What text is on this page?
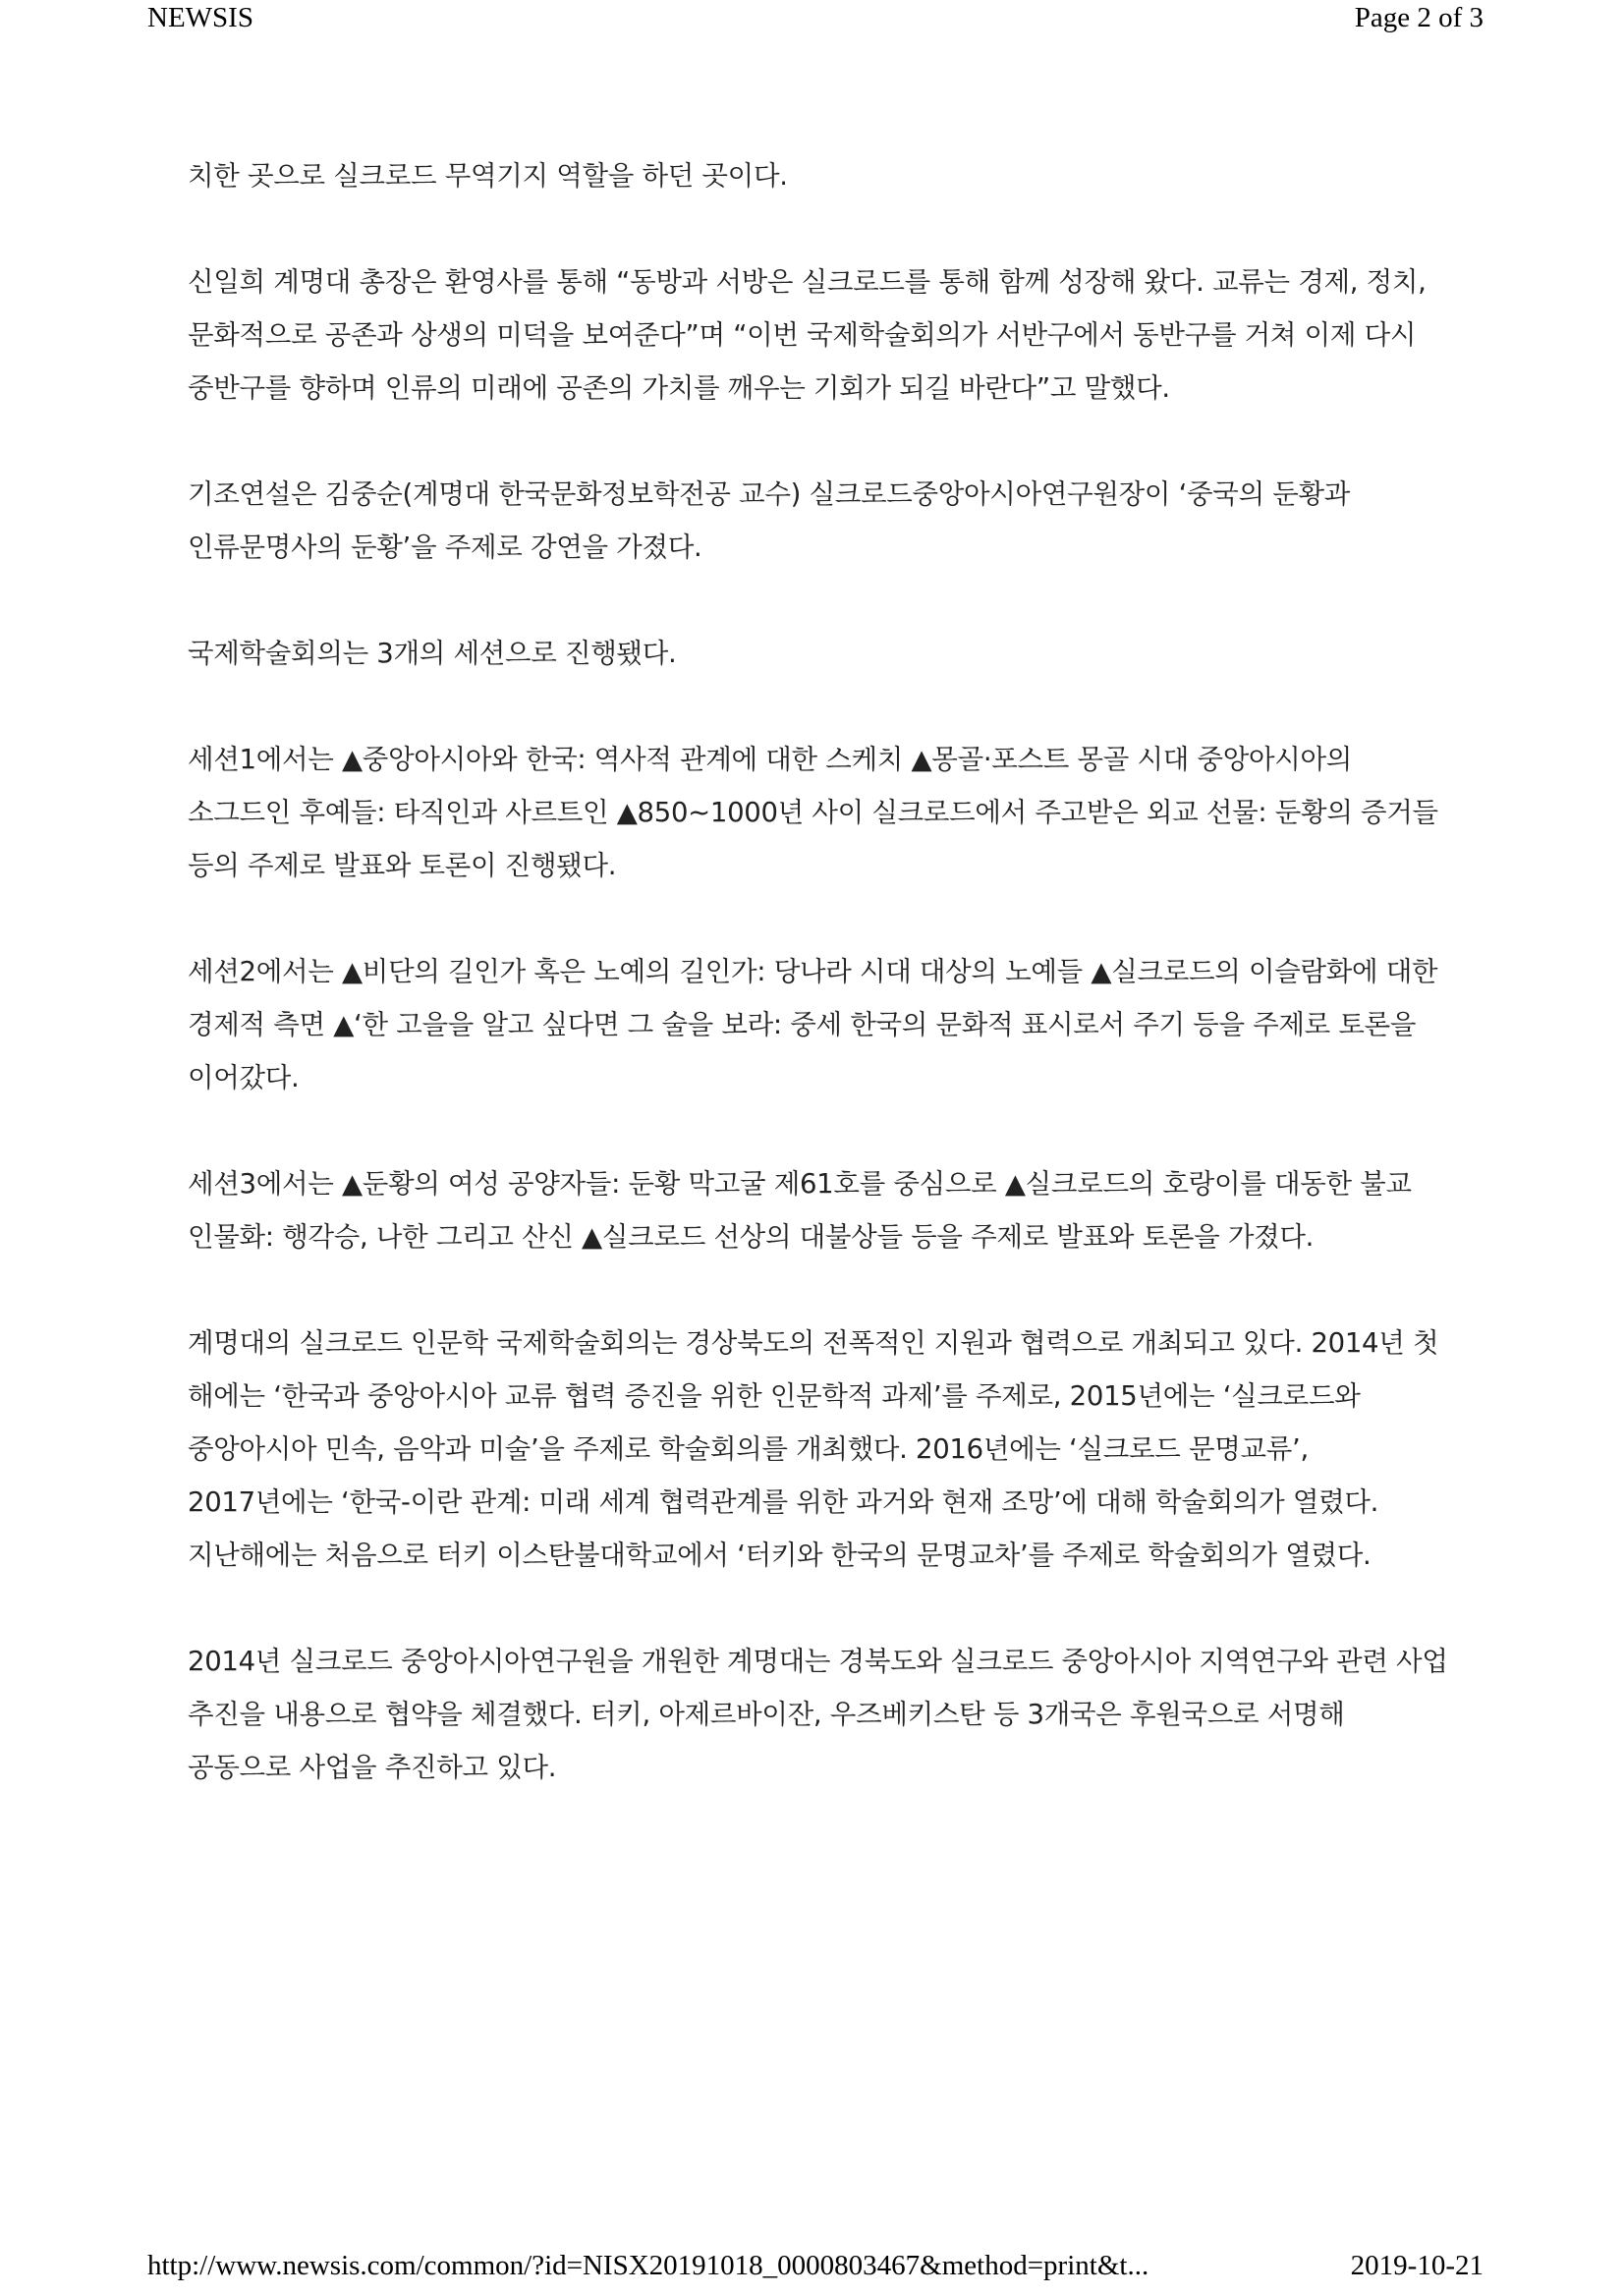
NEWSIS	Page 2 of 3

치한 곳으로 실크로드 무역기지 역할을 하던 곳이다.

신일희 계명대 총장은 환영사를 통해 “동방과 서방은 실크로드를 통해 함께 성장해 왔다. 교류는 경제, 정치, 문화적으로 공존과 상생의 미덕을 보여준다”며 “이번 국제학술회의가 서반구에서 동반구를 거쳐 이제 다시 중반구를 향하며 인류의 미래에 공존의 가치를 깨우는 기회가 되길 바란다”고 말했다.

기조연설은 김중순(계명대 한국문화정보학전공 교수) 실크로드중앙아시아연구원장이 ‘중국의 둔황과 인류문명사의 둔황’을 주제로 강연을 가졌다.

국제학술회의는 3개의 세션으로 진행됐다.

세션1에서는 ▲중앙아시아와 한국: 역사적 관계에 대한 스케치 ▲몽골·포스트 몽골 시대 중앙아시아의 소그드인 후예들: 타직인과 사르트인 ▲850~1000년 사이 실크로드에서 주고받은 외교 선물: 둔황의 증거들 등의 주제로 발표와 토론이 진행됐다.

세션2에서는 ▲비단의 길인가 혹은 노예의 길인가: 당나라 시대 대상의 노예들 ▲실크로드의 이슬람화에 대한 경제적 측면 ▲‘한 고을을 알고 싶다면 그 술을 보라: 중세 한국의 문화적 표시로서 주기 등을 주제로 토론을 이어갔다.

세션3에서는 ▲둔황의 여성 공양자들: 둔황 막고굴 제61호를 중심으로 ▲실크로드의 호랑이를 대동한 불교 인물화: 행각승, 나한 그리고 산신 ▲실크로드 선상의 대불상들 등을 주제로 발표와 토론을 가졌다.

계명대의 실크로드 인문학 국제학술회의는 경상북도의 전폭적인 지원과 협력으로 개최되고 있다. 2014년 첫 해에는 ‘한국과 중앙아시아 교류 협력 증진을 위한 인문학적 과제’를 주제로, 2015년에는 ‘실크로드와 중앙아시아 민속, 음악과 미술’을 주제로 학술회의를 개최했다. 2016년에는 ‘실크로드 문명교류’, 2017년에는 ‘한국-이란 관계: 미래 세계 협력관계를 위한 과거와 현재 조망’에 대해 학술회의가 열렸다. 지난해에는 처음으로 터키 이스탄불대학교에서 ‘터키와 한국의 문명교차’를 주제로 학술회의가 열렸다.

2014년 실크로드 중앙아시아연구원을 개원한 계명대는 경북도와 실크로드 중앙아시아 지역연구와 관련 사업 추진을 내용으로 협약을 체결했다. 터키, 아제르바이잔, 우즈베키스탄 등 3개국은 후원국으로 서명해 공동으로 사업을 추진하고 있다.

http://www.newsis.com/common/?id=NISX20191018_0000803467&method=print&t...	2019-10-21
